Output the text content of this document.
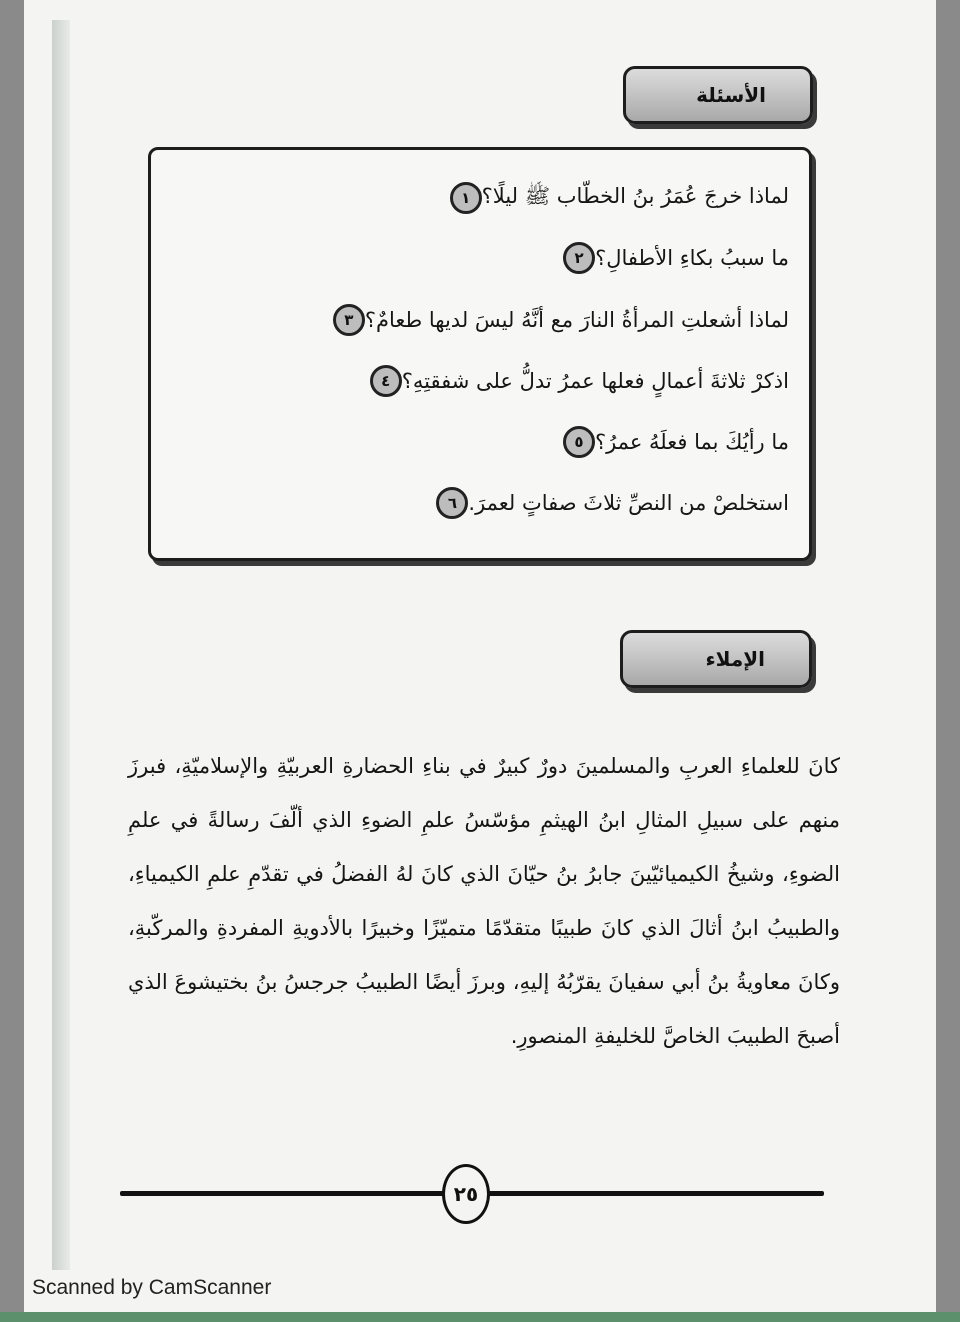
الأسئلة
١ لماذا خرجَ عُمَرُ بنُ الخطّاب ﷺ ليلًا؟
٢ ما سببُ بكاءِ الأطفالِ؟
٣ لماذا أشعلتِ المرأةُ النارَ مع أنَّهُ ليسَ لديها طعامٌ؟
٤ اذكرْ ثلاثةَ أعمالٍ فعلها عمرُ تدلُّ على شفقتِهِ؟
٥ ما رأيُكَ بما فعلَهُ عمرُ؟
٦ استخلصْ من النصِّ ثلاثَ صفاتٍ لعمرَ.
الإملاء

كانَ للعلماءِ العربِ والمسلمينَ دورٌ كبيرٌ في بناءِ الحضارةِ العربيّةِ والإسلاميّةِ، فبرزَ منهم على سبيلِ المثالِ ابنُ الهيثمِ مؤسّسُ علمِ الضوءِ الذي ألّفَ رسالةً في علمِ الضوءِ، وشيخُ الكيميائيّينَ جابرُ بنُ حيّانَ الذي كانَ لهُ الفضلُ في تقدّمِ علمِ الكيمياءِ، والطبيبُ ابنُ أثالَ الذي كانَ طبيبًا متقدّمًا متميّزًا وخبيرًا بالأدويةِ المفردةِ والمركّبةِ، وكانَ معاويةُ بنُ أبي سفيانَ يقرّبُهُ إليهِ، وبرزَ أيضًا الطبيبُ جرجسُ بنُ بختيشوعَ الذي أصبحَ الطبيبَ الخاصَّ للخليفةِ المنصورِ.

٢٥
Scanned by CamScanner
